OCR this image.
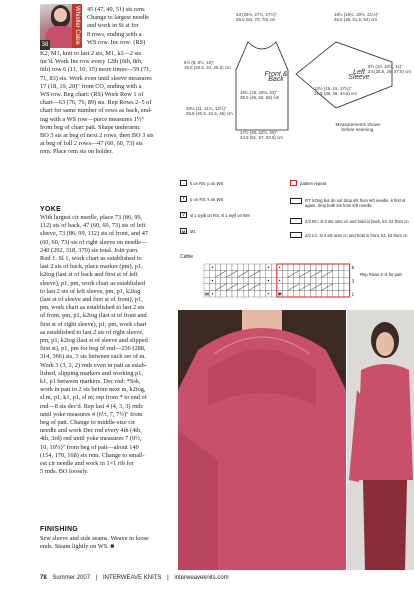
Whistler Cable
38

45 (47, 49, 51) sts rem.

Change to largest needle

and work in St st for

8 rows, ending with a

WS row. Inc row: (RS)

K2, M1, knit to last 2 sts, M1, k2—2 sts

inc'd. Work Inc row every 12th (6th, 8th,

6th) row 6 (11, 10, 15) more times—59 (71,

71, 83) sts. Work even until sleeve measures

17 (18, 19, 20)" from CO, ending with a

WS row. Beg chart: (RS) Work Row 1 of

chart—63 (76, 76, 89) sts. Rep Rows 2–5 of

chart for same number of rows as back, end-

ing with a WS row—piece measures 1½"

from beg of chart patt. Shape underarm:

BO 5 sts at beg of next 2 rows, then BO 3 sts

at beg of foll 2 rows—47 (60, 60, 73) sts

rem. Place rem sts on holder.

YOKE

With largest cir needle, place 73 (86, 99,

112) sts of back, 47 (60, 60, 73) sts of left

sleeve, 73 (86, 99, 112) sts of front, and 47

(60, 60, 73) sts of right sleeve on needle—

240 (292, 318, 370) sts total. Join yarn.

Rnd 1: Sl 1, work chart as established to

last 2 sts of back, place marker (pm), p1,

k2tog (last st of back and first st of left

sleeve), p1, pm, work chart as established

to last 2 sts of left sleeve, pm, p1, k2tog

(last st of sleeve and first st of front), p1,

pm, work chart as established to last 2 sts

of front, pm, p1, k2tog (last st of front and

first st of right sleeve), p1, pm, work chart

as established to last 2 sts of right sleeve,

pm, p1, k2tog (last st of sleeve and slipped

first st), p1, pm for beg of rnd—236 (288,

314, 366) sts, 3 sts between each set of m.

Work 3 (3, 2, 2) rnds even in patt as estab-

lished, slipping markers and working p1,

k1, p1 between markers. Dec rnd: *Ssk,

work in patt to 2 sts before next m, k2tog,

sl m, p1, k1, p1, sl m; rep from * to end of

rnd—8 sts dec'd. Rep last 4 (4, 3, 3) rnds

until yoke measures 4 (6½, 7, 7½)" from

beg of patt. Change to middle-size cir

needle and work Dec rnd every 4th (4th,

4th, 3rd) rnd until yoke measures 7 (9½,

10, 10½)" from beg of patt—about 140

(154, 170, 168) sts rem. Change to small-

est cir needle and work in 1×1 rib for

5 rnds. BO loosely.

FINISHING

Sew sleeve and side seams. Weave in loose

ends. Steam lightly on WS. ■

Front & Back
Left Sleeve
23 (25½, 27½, 27½)"
58.5 (64, 70, 70) cm
6½ (8, 9½, 10)"
16.5 (20.5, 24, 25.5) cm
10¼ (11, 11¾, 12½)"
39.5 (40.5, 44.5, 46) cm
15¼ (18, 20¼, 22)"
38.5 (46, 52, 56) cm
17½ (20, 22½, 25)"
44.5 (51, 57, 63.5) cm
18½ (19½, 20½, 21½)"
46.5 (49, 51.5, 54) cm
9½ (10, 10½, 11)"
24 (25.5, 26, 27.5) cm
12½ (15, 15, 17½)"
31.5 (38, 38, 44.5) cm
Measurements shown before seaming.
k on RS; p on WS
•	p on RS; k on WS
v	sl 1 wyib on RS; sl 1 wyif on WS
M	M1
pattern repeat
RT: k2tog but do not drop sts from left needle, k first st again, drop both sts from left needle
2/3 RC: sl 2 sts onto cn and hold in back, k3, k2 from cn
2/3 LC: sl 3 sts onto cn and hold in front, k2, k3 from cn
Cable
5
3
1
M	M
Rep Rows 2–5 for patt
78 Summer 2007 | INTERWEAVE KNITS | interweaveknits.com
